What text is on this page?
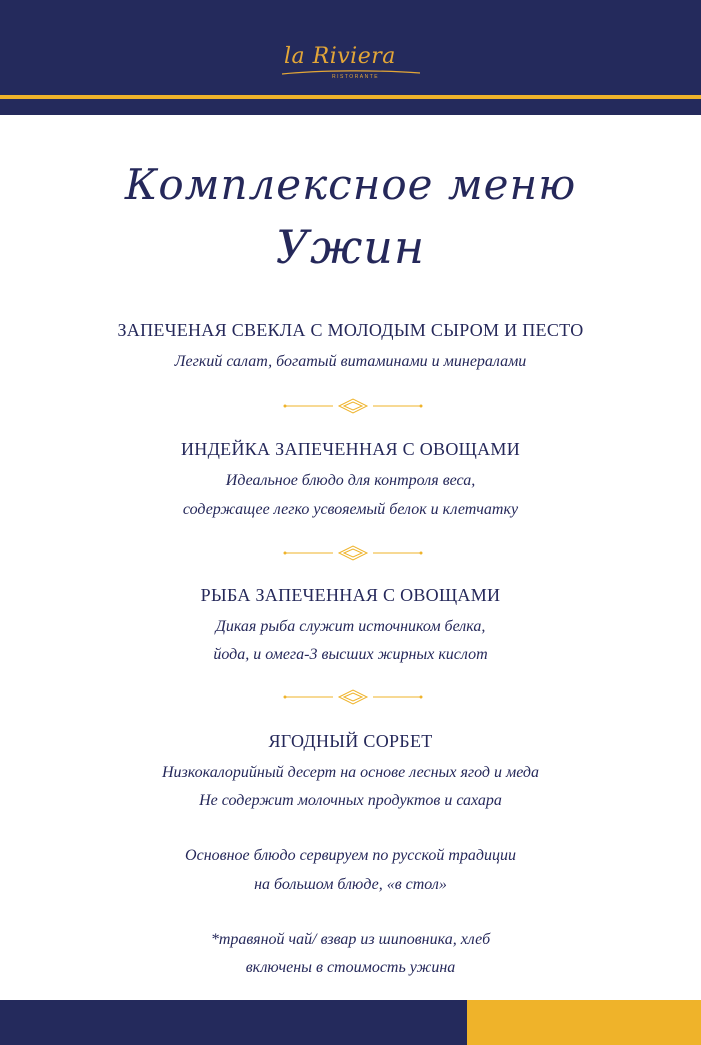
la Riviera
RISTORANTE
Комплексное меню
Ужин
ЗАПЕЧЕНАЯ СВЕКЛА С МОЛОДЫМ СЫРОМ И ПЕСТО
Легкий салат, богатый витаминами и минералами
ИНДЕЙКА ЗАПЕЧЕННАЯ С ОВОЩАМИ
Идеальное блюдо для контроля веса,
содержащее легко усвояемый белок и клетчатку
РЫБА ЗАПЕЧЕННАЯ С ОВОЩАМИ
Дикая рыба служит источником белка,
йода, и омега-3 высших жирных кислот
ЯГОДНЫЙ СОРБЕТ
Низкокалорийный десерт на основе лесных ягод и меда
Не содержит молочных продуктов и сахара
Основное блюдо сервируем по русской традиции
на большом блюде, «в стол»
*травяной чай/ взвар из шиповника, хлеб
включены в стоимость ужина
